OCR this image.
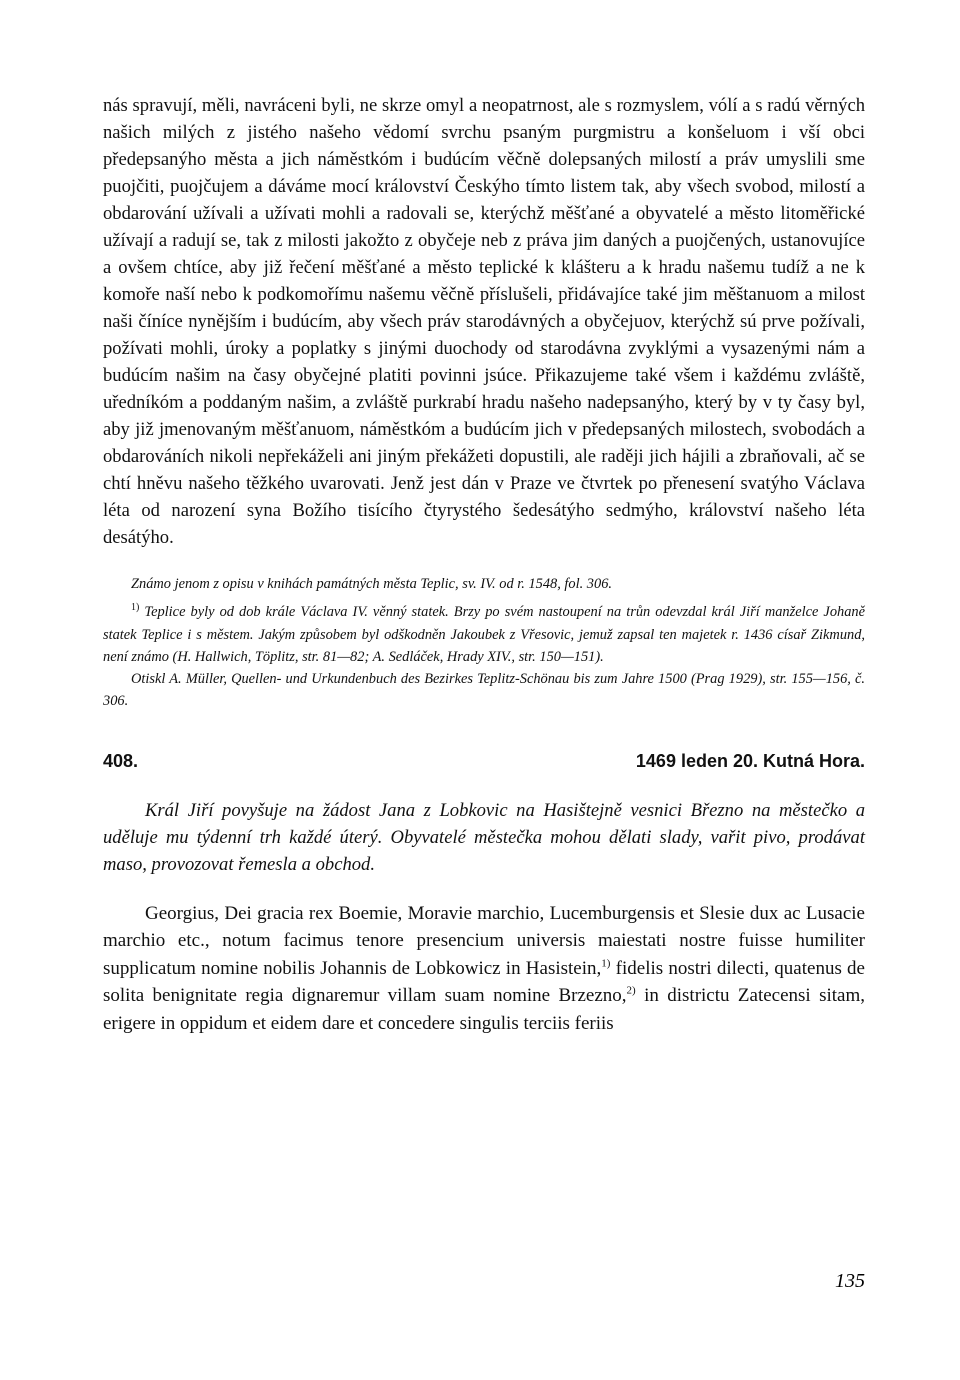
nás spravují, měli, navráceni byli, ne skrze omyl a neopatrnost, ale s rozmyslem, vólí a s radú věrných našich milých z jistého našeho vědomí svrchu psaným purgmistru a konšeluom i vší obci předepsanýho města a jich náměstkóm i budúcím věčně dolepsaných milostí a práv umyslili sme puojčiti, puojčujem a dáváme mocí království Českýho tímto listem tak, aby všech svobod, milostí a obdarování užívali a užívati mohli a radovali se, kterýchž měšťané a obyvatelé a město litoměřické užívají a radují se, tak z milosti jakožto z obyčeje neb z práva jim daných a puojčených, ustanovujíce a ovšem chtíce, aby již řečení měšťané a město teplické k klášteru a k hradu našemu tudíž a ne k komoře naší nebo k podkomořímu našemu věčně příslušeli, přidávajíce také jim měštanuom a milost naši číníce nynějším i budúcím, aby všech práv starodávných a obyčejuov, kterýchž sú prve požívali, požívati mohli, úroky a poplatky s jinými duochody od starodávna zvyklými a vysazenými nám a budúcím našim na časy obyčejné platiti povinni jsúce. Přikazujeme také všem i každému zvláště, uředníkóm a poddaným našim, a zvláště purkrabí hradu našeho nadepsanýho, který by v ty časy byl, aby již jmenovaným měšťanuom, náměstkóm a budúcím jich v předepsaných milostech, svobodách a obdarováních nikoli nepřekáželi ani jiným překážeti dopustili, ale raději jich hájili a zbraňovali, ač se chtí hněvu našeho těžkého uvarovati. Jenž jest dán v Praze ve čtvrtek po přenesení svatýho Václava léta od narození syna Božího tisícího čtyrystého šedesátýho sedmýho, království našeho léta desátýho.

Známo jenom z opisu v knihách památných města Teplic, sv. IV. od r. 1548, fol. 306.

$^{1)}$ Teplice byly od dob krále Václava IV. věnný statek. Brzy po svém nastoupení na trůn odevzdal král Jiří manželce Johaně statek Teplice i s městem. Jakým způsobem byl odškodněn Jakoubek z Vřesovic, jemuž zapsal ten majetek r. 1436 císař Zikmund, není známo (H. Hallwich, Töplitz, str. 81—82; A. Sedláček, Hrady XIV., str. 150—151).

Otiskl A. Müller, Quellen- und Urkundenbuch des Bezirkes Teplitz-Schönau bis zum Jahre 1500 (Prag 1929), str. 155—156, č. 306.

408.	1469 leden 20. Kutná Hora.

Král Jiří povyšuje na žádost Jana z Lobkovic na Hasištejně vesnici Březno na městečko a uděluje mu týdenní trh každé úterý. Obyvatelé městečka mohou dělati slady, vařit pivo, prodávat maso, provozovat řemesla a obchod.

Georgius, Dei gracia rex Boemie, Moravie marchio, Lucemburgensis et Slesie dux ac Lusacie marchio etc., notum facimus tenore presencium universis maiestati nostre fuisse humiliter supplicatum nomine nobilis Johannis de Lobkowicz in Hasistein,$^{1)}$ fidelis nostri dilecti, quatenus de solita benignitate regia dignaremur villam suam nomine Brzezno,$^{2)}$ in districtu Zatecensi sitam, erigere in oppidum et eidem dare et concedere singulis terciis feriis

135
